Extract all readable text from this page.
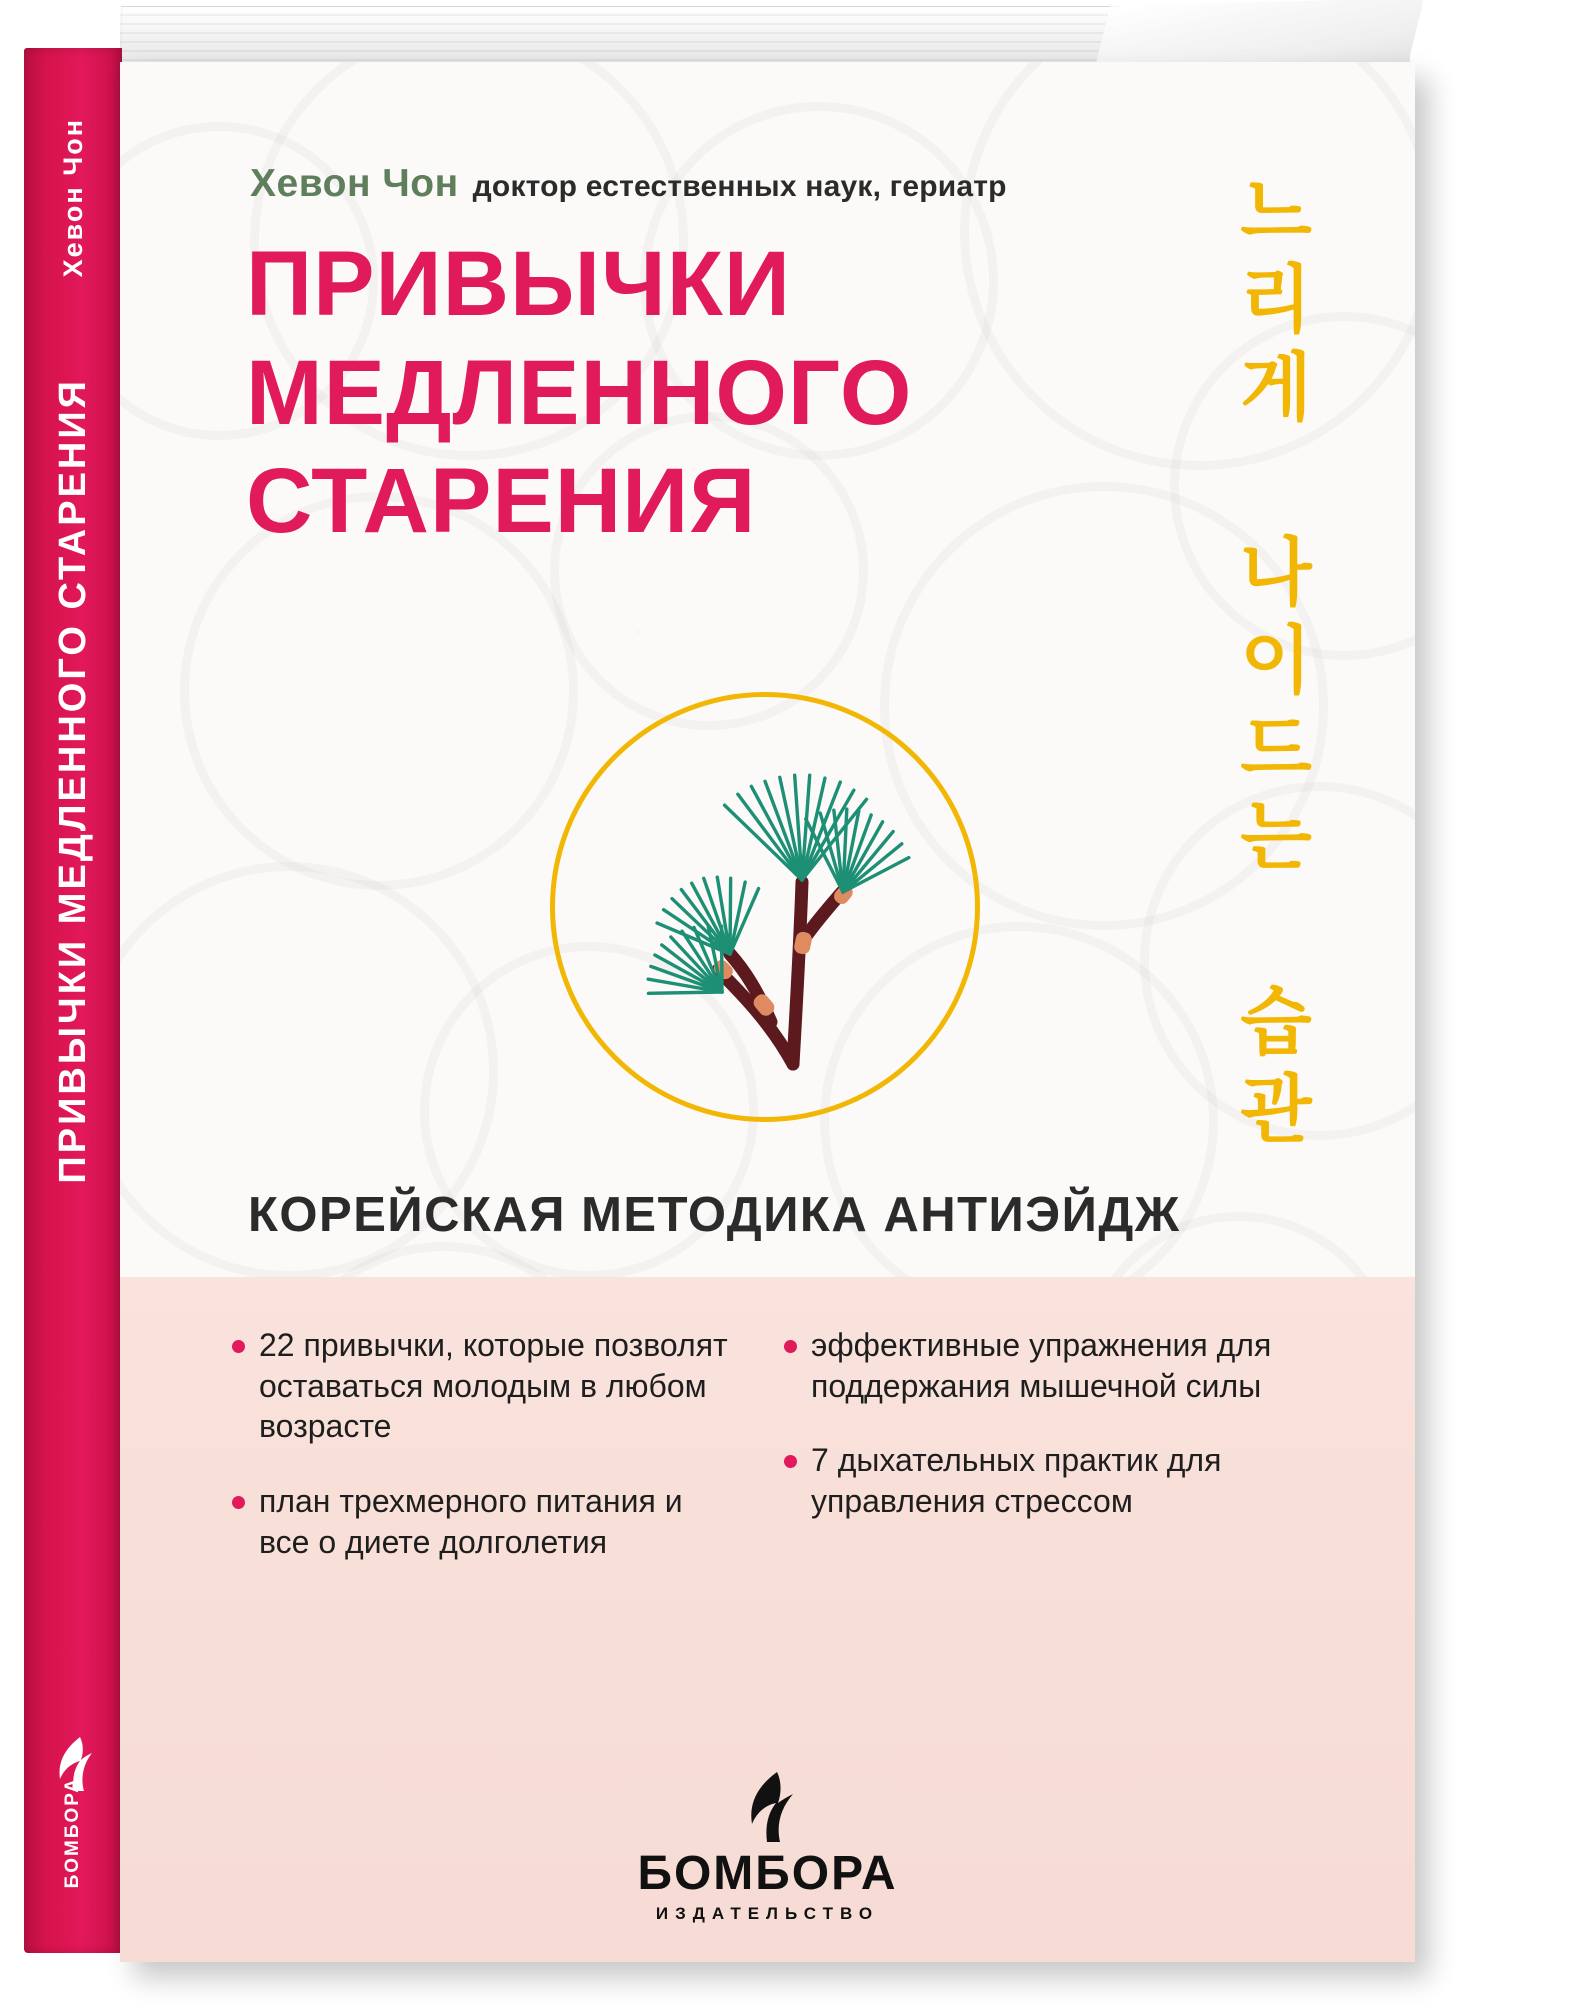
Хевон Чон
ПРИВЫЧКИ МЕДЛЕННОГО СТАРЕНИЯ
БОМБОРА
Хевон Чон доктор естественных наук, гериатр
ПРИВЫЧКИ
МЕДЛЕННОГО
СТАРЕНИЯ	느리게 나이드는 습관
КОРЕЙСКАЯ МЕТОДИКА АНТИЭЙДЖ
22 привычки, которые позволят оставаться молодым в любом возрасте
план трехмерного питания и все о диете долголетия
эффективные упражнения для поддержания мышечной силы
7 дыхательных практик для управления стрессом
БОМБОРА
ИЗДАТЕЛЬСТВО
